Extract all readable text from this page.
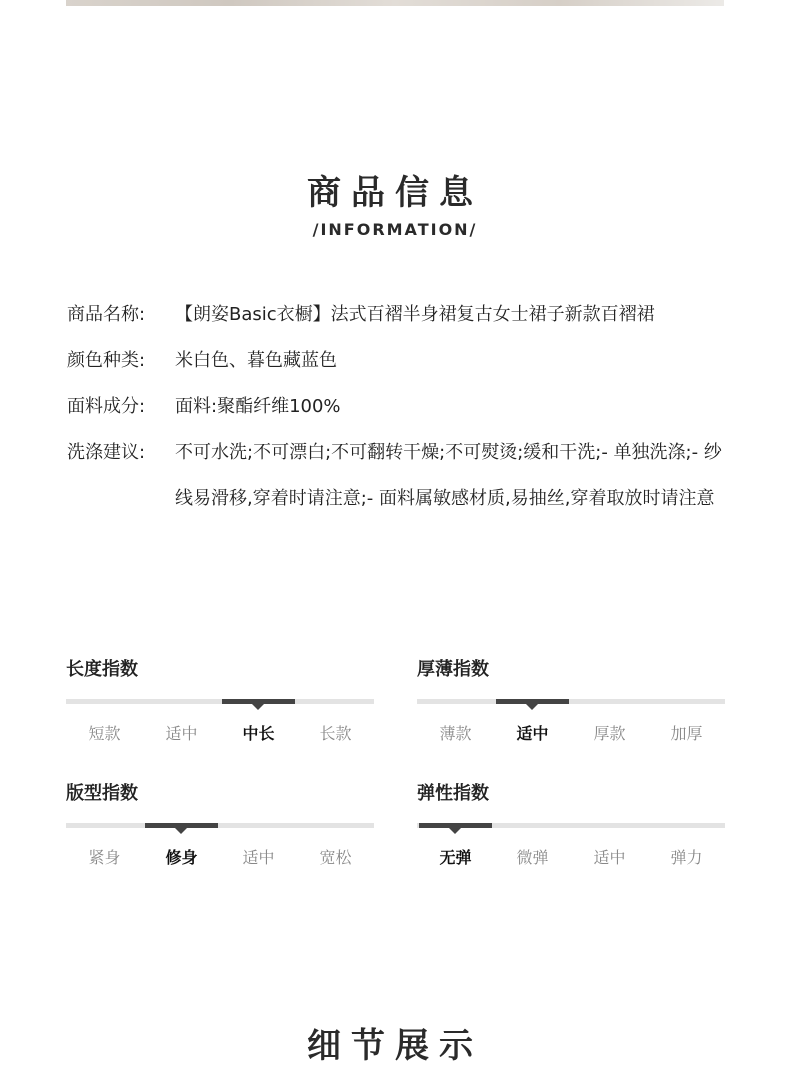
商品信息
/INFORMATION/
商品名称:	【朗姿Basic衣橱】法式百褶半身裙复古女士裙子新款百褶裙
颜色种类:	米白色、暮色藏蓝色
面料成分:	面料:聚酯纤维100%
洗涤建议:	不可水洗;不可漂白;不可翻转干燥;不可熨烫;缓和干洗;- 单独洗涤;- 纱线易滑移,穿着时请注意;- 面料属敏感材质,易抽丝,穿着取放时请注意
长度指数
短款	适中	中长	长款
厚薄指数
薄款	适中	厚款	加厚
版型指数
紧身	修身	适中	宽松
弹性指数
无弹	微弹	适中	弹力
细节展示
